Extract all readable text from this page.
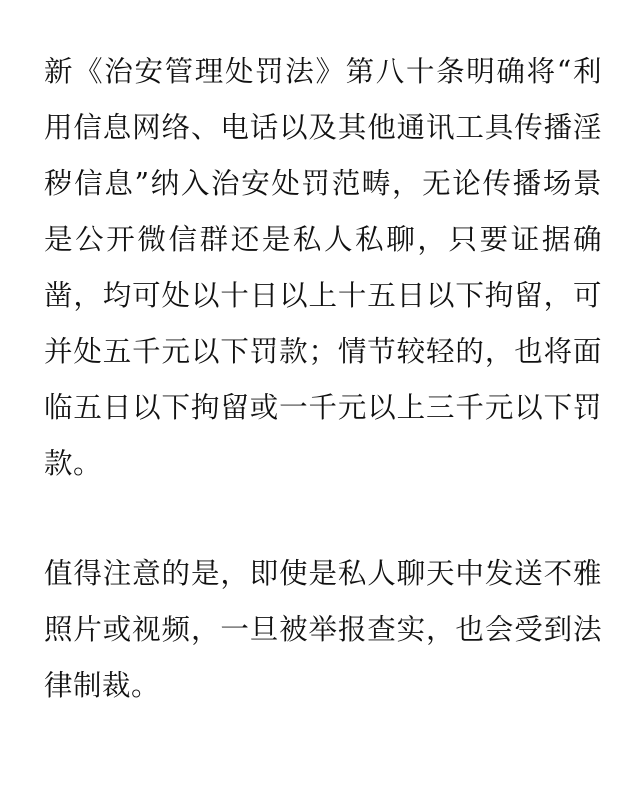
新《治安管理处罚法》第八十条明确将“利用信息网络、电话以及其他通讯工具传播淫秽信息”纳入治安处罚范畴，无论传播场景是公开微信群还是私人私聊，只要证据确凿，均可处以十日以上十五日以下拘留，可并处五千元以下罚款；情节较轻的，也将面临五日以下拘留或一千元以上三千元以下罚款。

值得注意的是，即使是私人聊天中发送不雅照片或视频，一旦被举报查实，也会受到法律制裁。
